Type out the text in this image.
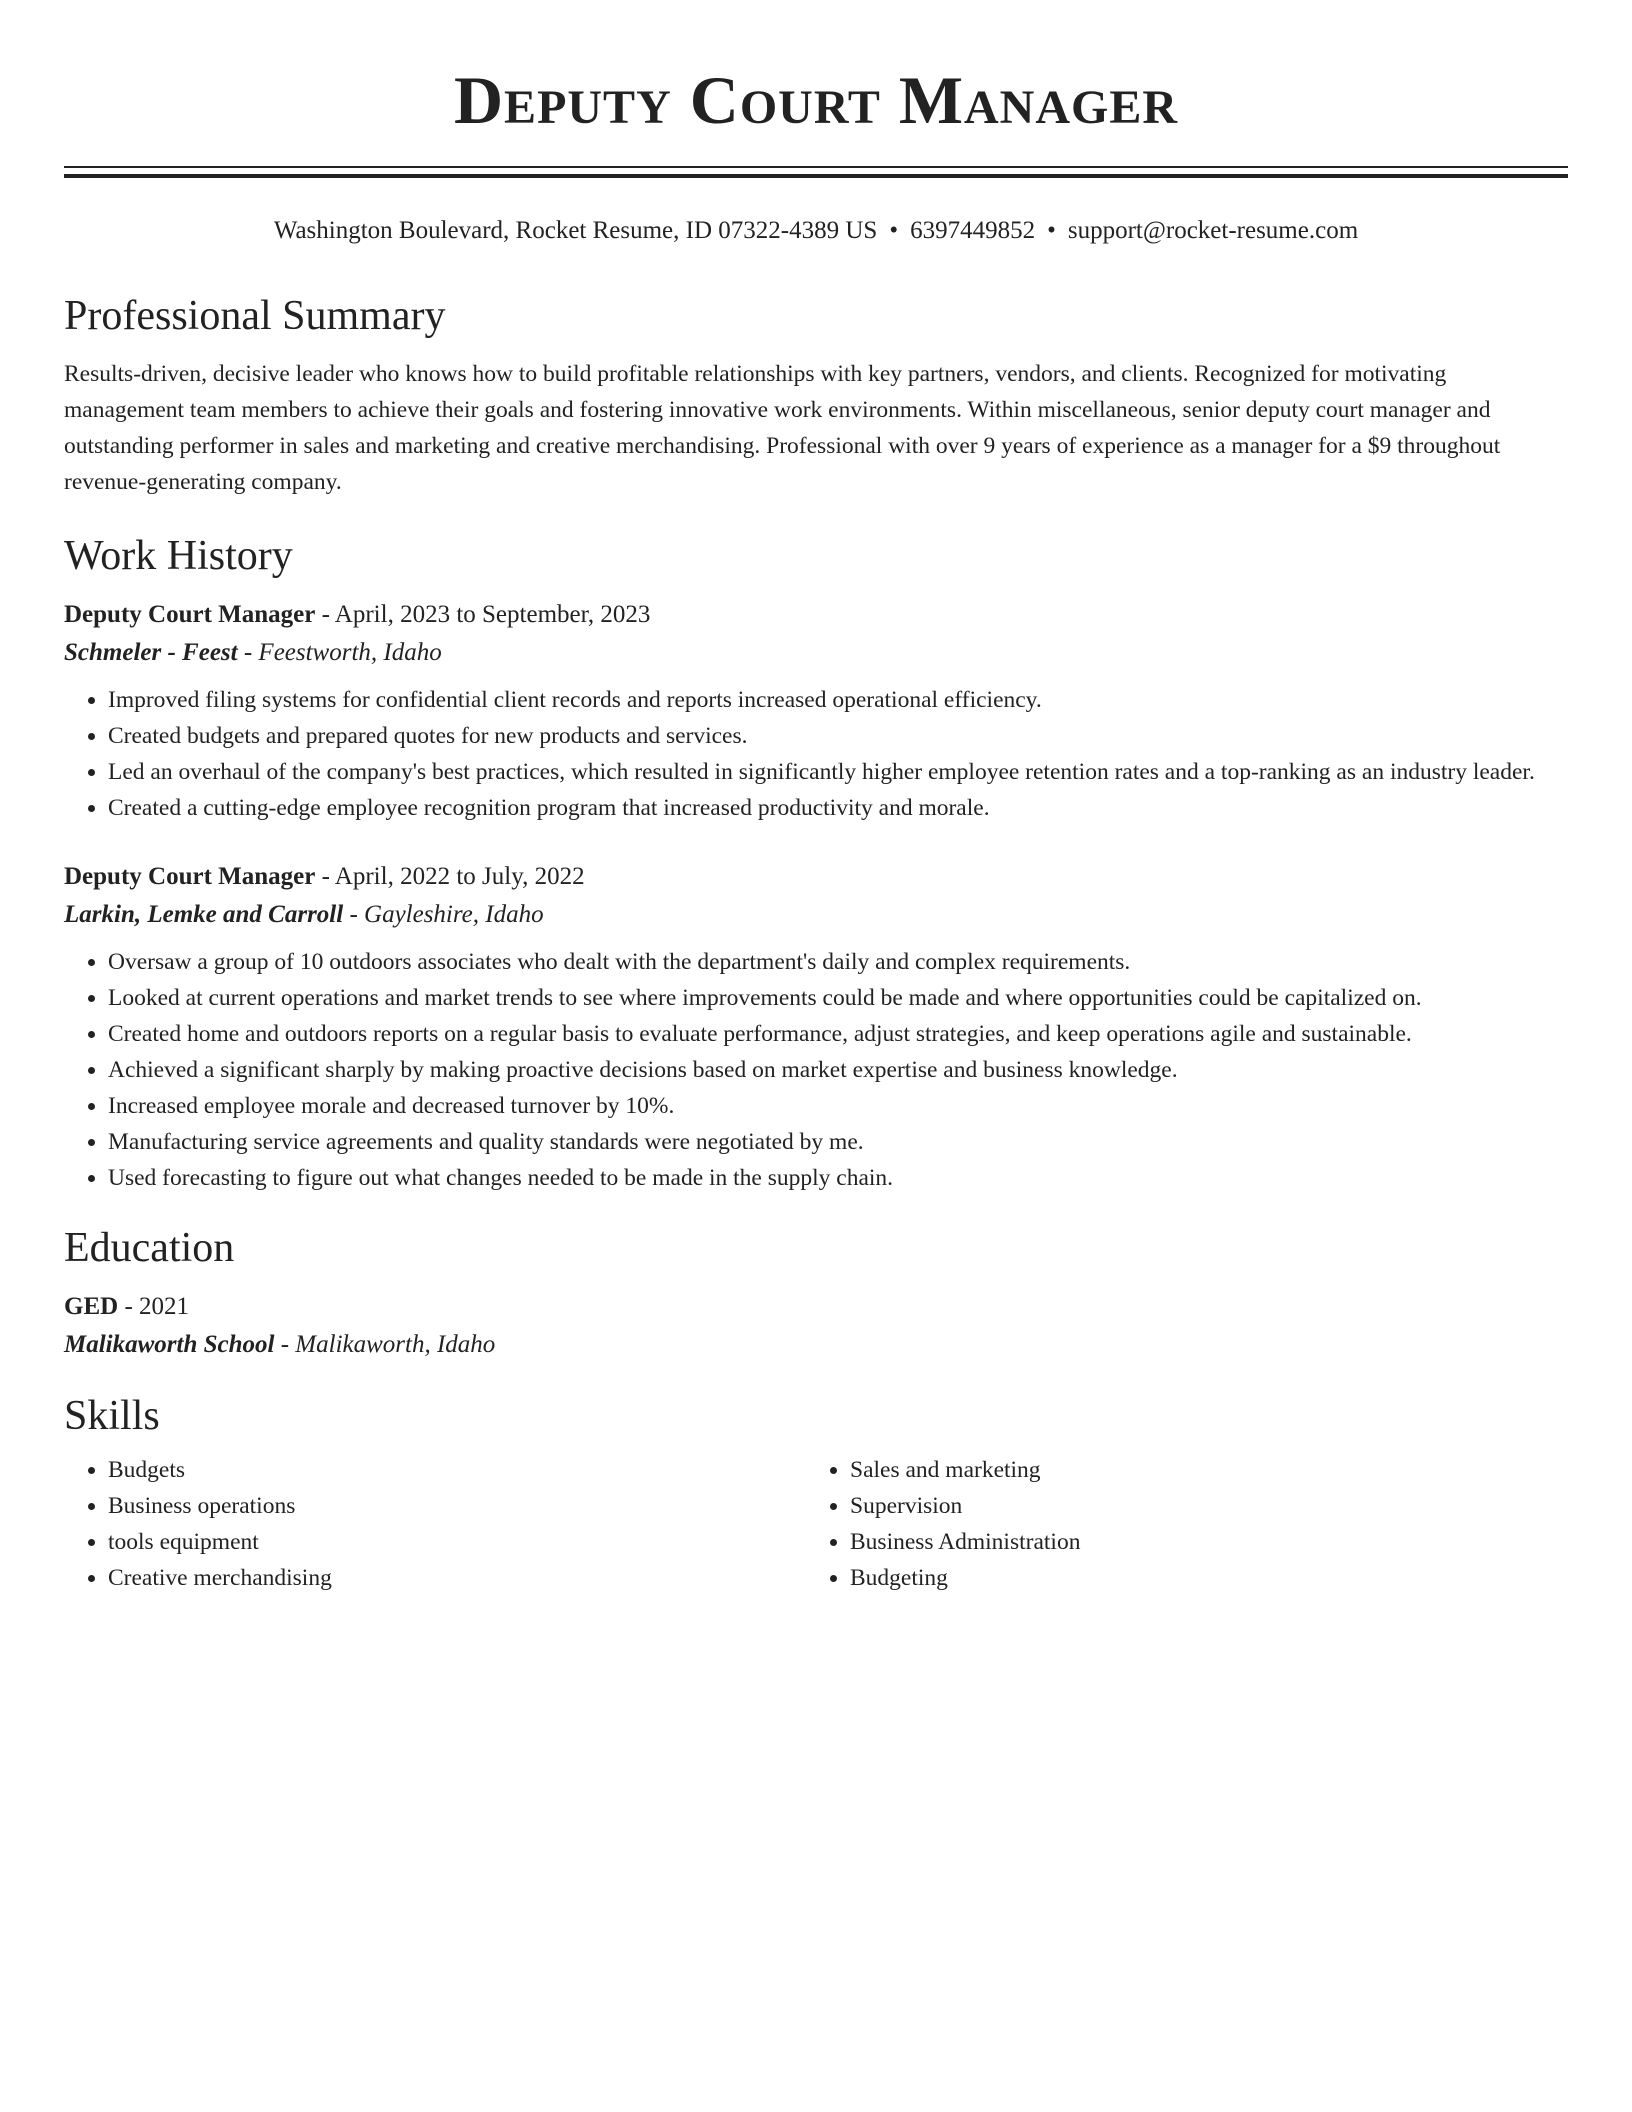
Deputy Court Manager
Washington Boulevard, Rocket Resume, ID 07322-4389 US • 6397449852 • support@rocket-resume.com
Professional Summary

Results-driven, decisive leader who knows how to build profitable relationships with key partners, vendors, and clients. Recognized for motivating management team members to achieve their goals and fostering innovative work environments. Within miscellaneous, senior deputy court manager and outstanding performer in sales and marketing and creative merchandising. Professional with over 9 years of experience as a manager for a $9 throughout revenue-generating company.

Work History
Deputy Court Manager - April, 2023 to September, 2023
Schmeler - Feest - Feestworth, Idaho
• Improved filing systems for confidential client records and reports increased operational efficiency.
• Created budgets and prepared quotes for new products and services.
• Led an overhaul of the company's best practices, which resulted in significantly higher employee retention rates and a top-ranking as an industry leader.
• Created a cutting-edge employee recognition program that increased productivity and morale.
Deputy Court Manager - April, 2022 to July, 2022
Larkin, Lemke and Carroll - Gayleshire, Idaho
• Oversaw a group of 10 outdoors associates who dealt with the department's daily and complex requirements.
• Looked at current operations and market trends to see where improvements could be made and where opportunities could be capitalized on.
• Created home and outdoors reports on a regular basis to evaluate performance, adjust strategies, and keep operations agile and sustainable.
• Achieved a significant sharply by making proactive decisions based on market expertise and business knowledge.
• Increased employee morale and decreased turnover by 10%.
• Manufacturing service agreements and quality standards were negotiated by me.
• Used forecasting to figure out what changes needed to be made in the supply chain.
Education
GED - 2021
Malikaworth School - Malikaworth, Idaho
Skills
• Budgets
• Business operations
• tools equipment
• Creative merchandising
• Sales and marketing
• Supervision
• Business Administration
• Budgeting
